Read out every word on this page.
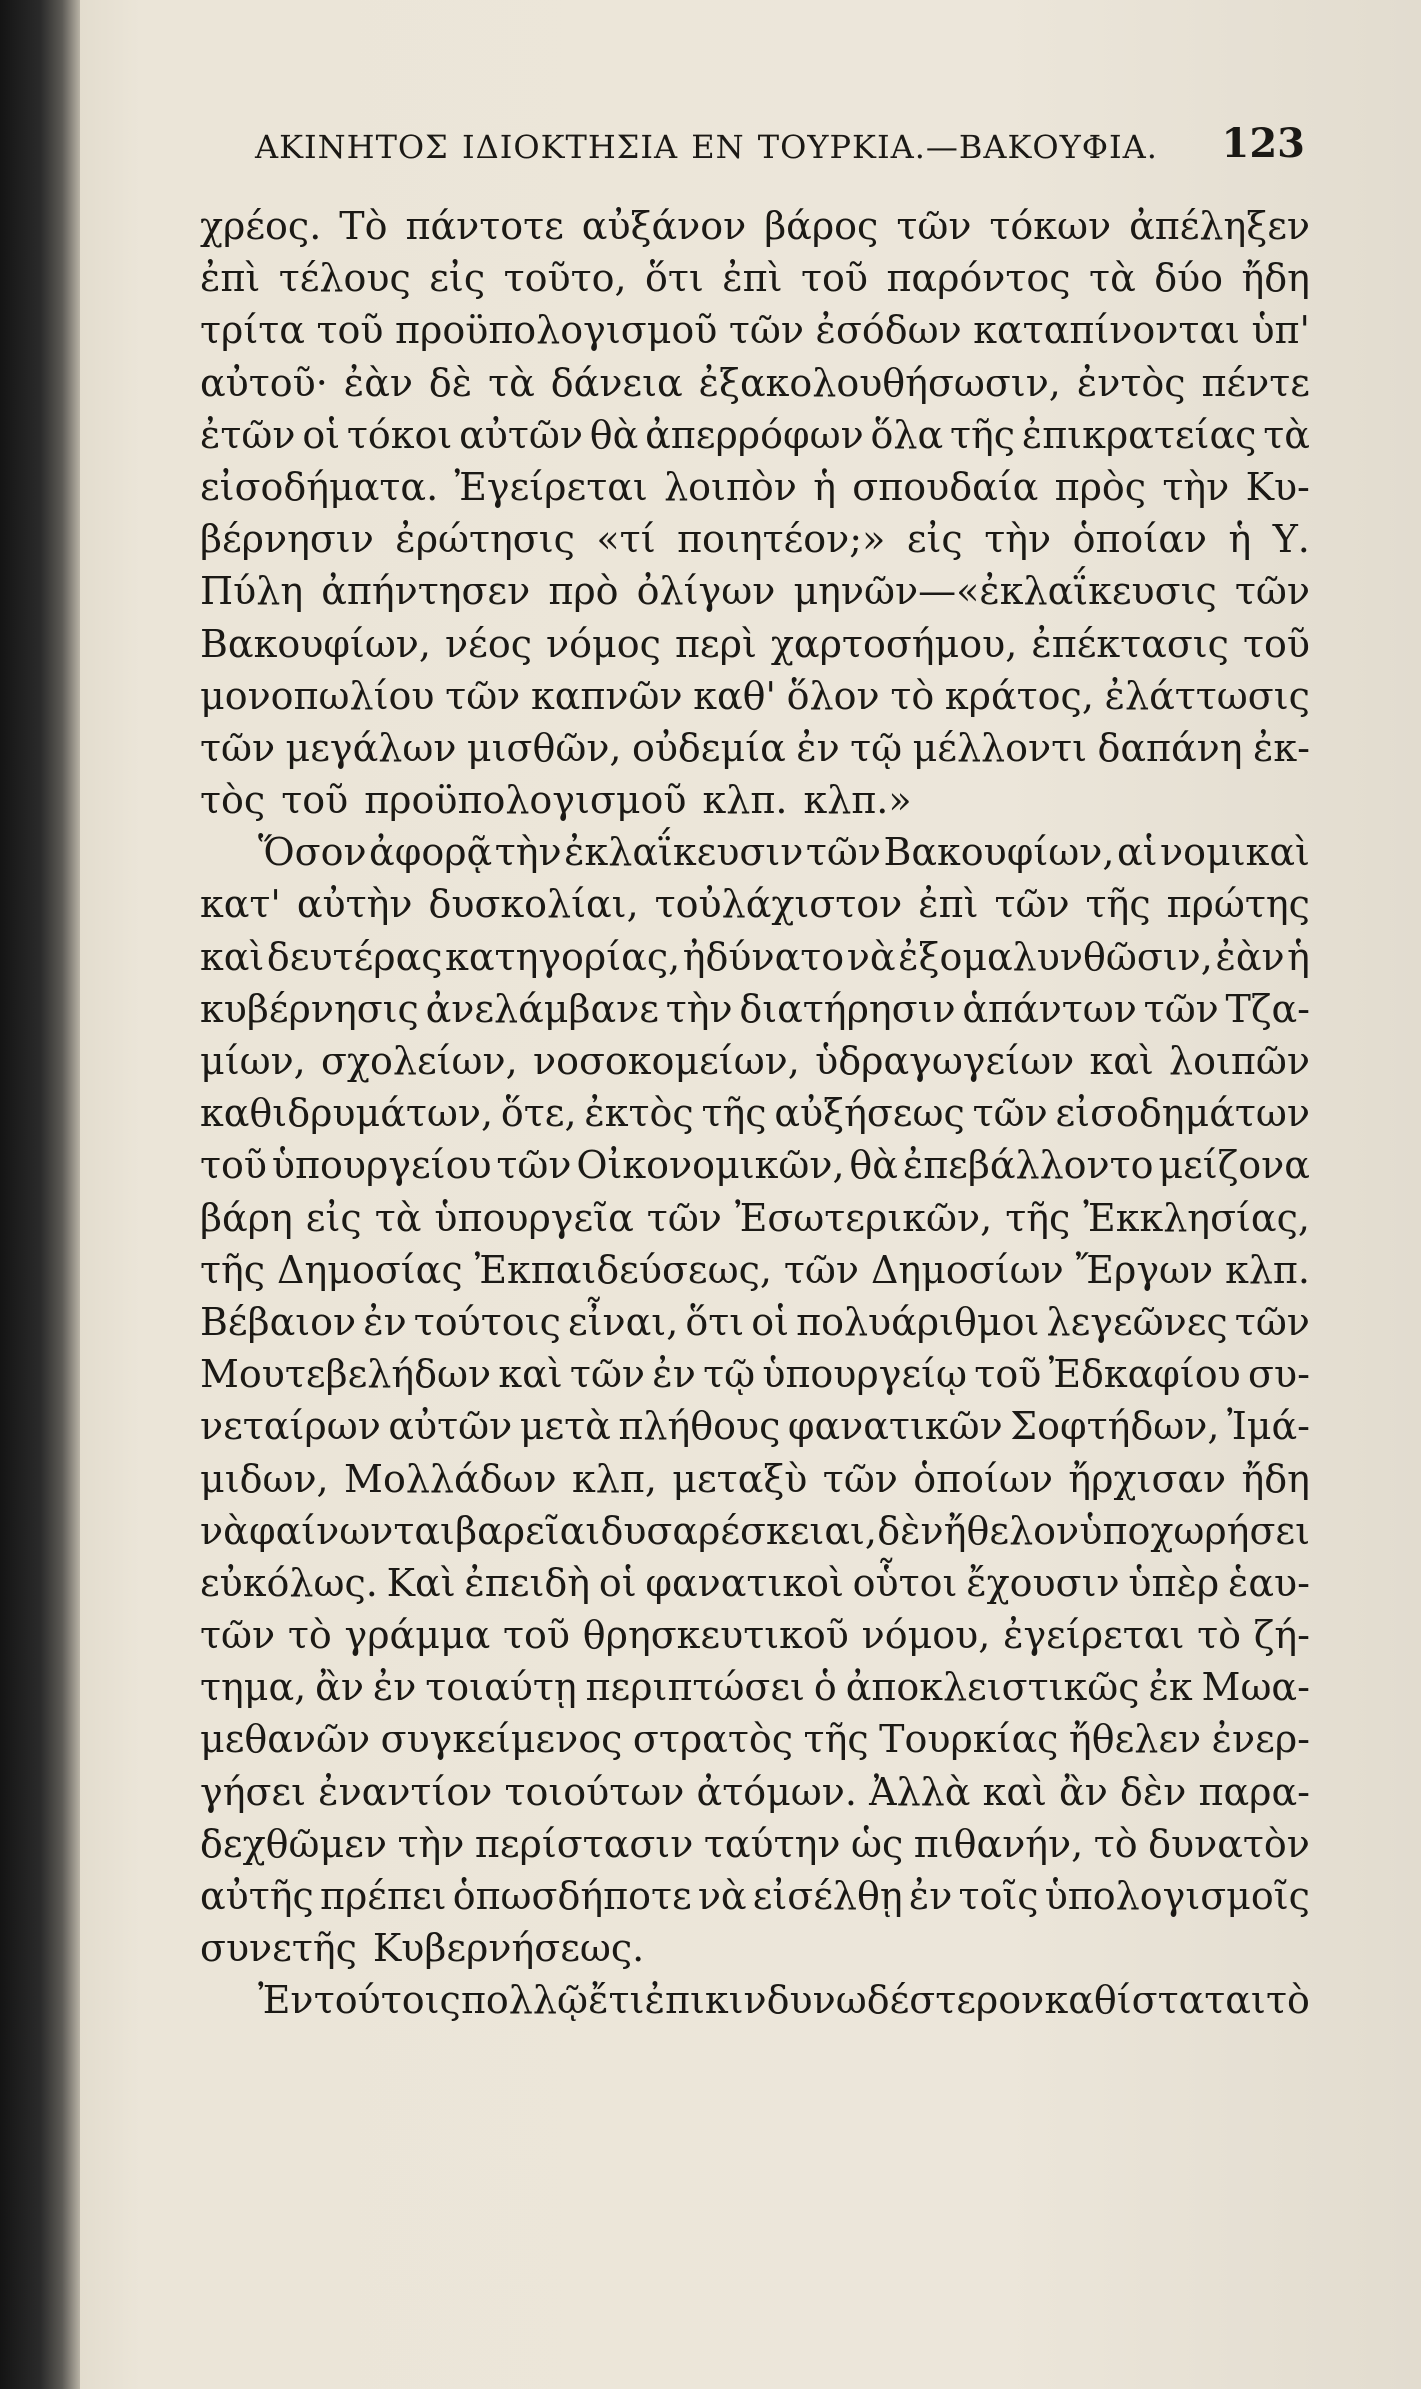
ΑΚΙΝΗΤΟΣ ΙΔΙΟΚΤΗΣΙΑ ΕΝ ΤΟΥΡΚΙΑ.—ΒΑΚΟΥΦΙΑ. 123
χρέος. Τὸ πάντοτε αὐξάνον βάρος τῶν τόκων ἀπέληξεν
ἐπὶ τέλους εἰς τοῦτο, ὅτι ἐπὶ τοῦ παρόντος τὰ δύο ἤδη
τρίτα τοῦ προϋπολογισμοῦ τῶν ἐσόδων καταπίνονται ὑπ'
αὐτοῦ· ἐὰν δὲ τὰ δάνεια ἐξακολουθήσωσιν, ἐντὸς πέντε
ἐτῶν οἱ τόκοι αὐτῶν θὰ ἀπερρόφων ὅλα τῆς ἐπικρατείας τὰ
εἰσοδήματα. Ἐγείρεται λοιπὸν ἡ σπουδαία πρὸς τὴν Κυ-
βέρνησιν ἐρώτησις «τί ποιητέον;» εἰς τὴν ὁποίαν ἡ Υ.
Πύλη ἀπήντησεν πρὸ ὀλίγων μηνῶν—«ἐκλαΐκευσις τῶν
Βακουφίων, νέος νόμος περὶ χαρτοσήμου, ἐπέκτασις τοῦ
μονοπωλίου τῶν καπνῶν καθ' ὅλον τὸ κράτος, ἐλάττωσις
τῶν μεγάλων μισθῶν, οὐδεμία ἐν τῷ μέλλοντι δαπάνη ἐκ-
τὸς τοῦ προϋπολογισμοῦ κλπ. κλπ.»
Ὅσον ἀφορᾷ τὴν ἐκλαΐκευσιν τῶν Βακουφίων, αἱ νομικαὶ
κατ' αὐτὴν δυσκολίαι, τοὐλάχιστον ἐπὶ τῶν τῆς πρώτης
καὶ δευτέρας κατηγορίας, ἠδύνατο νὰ ἐξομαλυνθῶσιν, ἐὰν ἡ
κυβέρνησις ἀνελάμβανε τὴν διατήρησιν ἁπάντων τῶν Τζα-
μίων, σχολείων, νοσοκομείων, ὑδραγωγείων καὶ λοιπῶν
καθιδρυμάτων, ὅτε, ἐκτὸς τῆς αὐξήσεως τῶν εἰσοδημάτων
τοῦ ὑπουργείου τῶν Οἰκονομικῶν, θὰ ἐπεβάλλοντο μείζονα
βάρη εἰς τὰ ὑπουργεῖα τῶν Ἐσωτερικῶν, τῆς Ἐκκλησίας,
τῆς Δημοσίας Ἐκπαιδεύσεως, τῶν Δημοσίων Ἔργων κλπ.
Βέβαιον ἐν τούτοις εἶναι, ὅτι οἱ πολυάριθμοι λεγεῶνες τῶν
Μουτεβελήδων καὶ τῶν ἐν τῷ ὑπουργείῳ τοῦ Ἐδκαφίου συ-
νεταίρων αὐτῶν μετὰ πλήθους φανατικῶν Σοφτήδων, Ἰμά-
μιδων, Μολλάδων κλπ, μεταξὺ τῶν ὁποίων ἤρχισαν ἤδη
νὰ φαίνωνται βαρεῖαι δυσαρέσκειαι, δὲν ἤθελον ὑποχωρήσει
εὐκόλως. Καὶ ἐπειδὴ οἱ φανατικοὶ οὗτοι ἔχουσιν ὑπὲρ ἑαυ-
τῶν τὸ γράμμα τοῦ θρησκευτικοῦ νόμου, ἐγείρεται τὸ ζή-
τημα, ἂν ἐν τοιαύτῃ περιπτώσει ὁ ἀποκλειστικῶς ἐκ Μωα-
μεθανῶν συγκείμενος στρατὸς τῆς Τουρκίας ἤθελεν ἐνερ-
γήσει ἐναντίον τοιούτων ἀτόμων. Ἀλλὰ καὶ ἂν δὲν παρα-
δεχθῶμεν τὴν περίστασιν ταύτην ὡς πιθανήν, τὸ δυνατὸν
αὐτῆς πρέπει ὁπωσδήποτε νὰ εἰσέλθῃ ἐν τοῖς ὑπολογισμοῖς
συνετῆς Κυβερνήσεως.
Ἐν τούτοις πολλῷ ἔτι ἐπικινδυνωδέστερον καθίσταται τὸ
